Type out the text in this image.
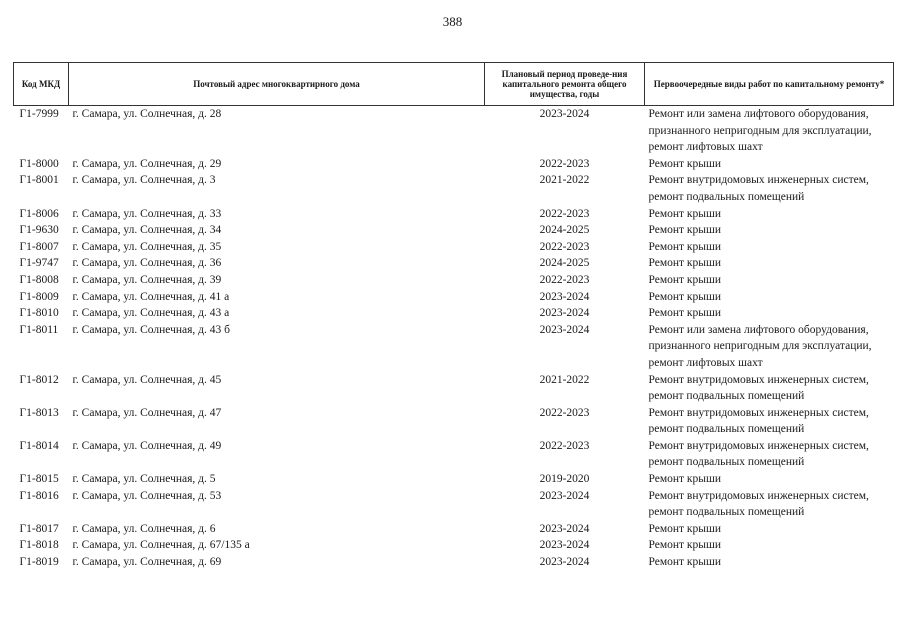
388
Код МКД	Почтовый адрес многоквартирного дома	Плановый период проведе-ния капитального ремонта общего имущества, годы	Первоочередные виды работ по капитальному ремонту*
Г1-7999	г. Самара, ул. Солнечная, д. 28	2023-2024	Ремонт или замена лифтового оборудования,
признанного непригодным для эксплуатации,
ремонт лифтовых шахт

Г1-8000	г. Самара, ул. Солнечная, д. 29	2022-2023	Ремонт крыши

Г1-8001	г. Самара, ул. Солнечная, д. 3	2021-2022	Ремонт внутридомовых инженерных систем,
ремонт подвальных помещений

Г1-8006	г. Самара, ул. Солнечная, д. 33	2022-2023	Ремонт крыши

Г1-9630	г. Самара, ул. Солнечная, д. 34	2024-2025	Ремонт крыши

Г1-8007	г. Самара, ул. Солнечная, д. 35	2022-2023	Ремонт крыши

Г1-9747	г. Самара, ул. Солнечная, д. 36	2024-2025	Ремонт крыши

Г1-8008	г. Самара, ул. Солнечная, д. 39	2022-2023	Ремонт крыши

Г1-8009	г. Самара, ул. Солнечная, д. 41 а	2023-2024	Ремонт крыши

Г1-8010	г. Самара, ул. Солнечная, д. 43 а	2023-2024	Ремонт крыши

Г1-8011	г. Самара, ул. Солнечная, д. 43 б	2023-2024	Ремонт или замена лифтового оборудования,
признанного непригодным для эксплуатации,
ремонт лифтовых шахт

Г1-8012	г. Самара, ул. Солнечная, д. 45	2021-2022	Ремонт внутридомовых инженерных систем,
ремонт подвальных помещений

Г1-8013	г. Самара, ул. Солнечная, д. 47	2022-2023	Ремонт внутридомовых инженерных систем,
ремонт подвальных помещений

Г1-8014	г. Самара, ул. Солнечная, д. 49	2022-2023	Ремонт внутридомовых инженерных систем,
ремонт подвальных помещений

Г1-8015	г. Самара, ул. Солнечная, д. 5	2019-2020	Ремонт крыши

Г1-8016	г. Самара, ул. Солнечная, д. 53	2023-2024	Ремонт внутридомовых инженерных систем,
ремонт подвальных помещений

Г1-8017	г. Самара, ул. Солнечная, д. 6	2023-2024	Ремонт крыши

Г1-8018	г. Самара, ул. Солнечная, д. 67/135 а	2023-2024	Ремонт крыши

Г1-8019	г. Самара, ул. Солнечная, д. 69	2023-2024	Ремонт крыши
